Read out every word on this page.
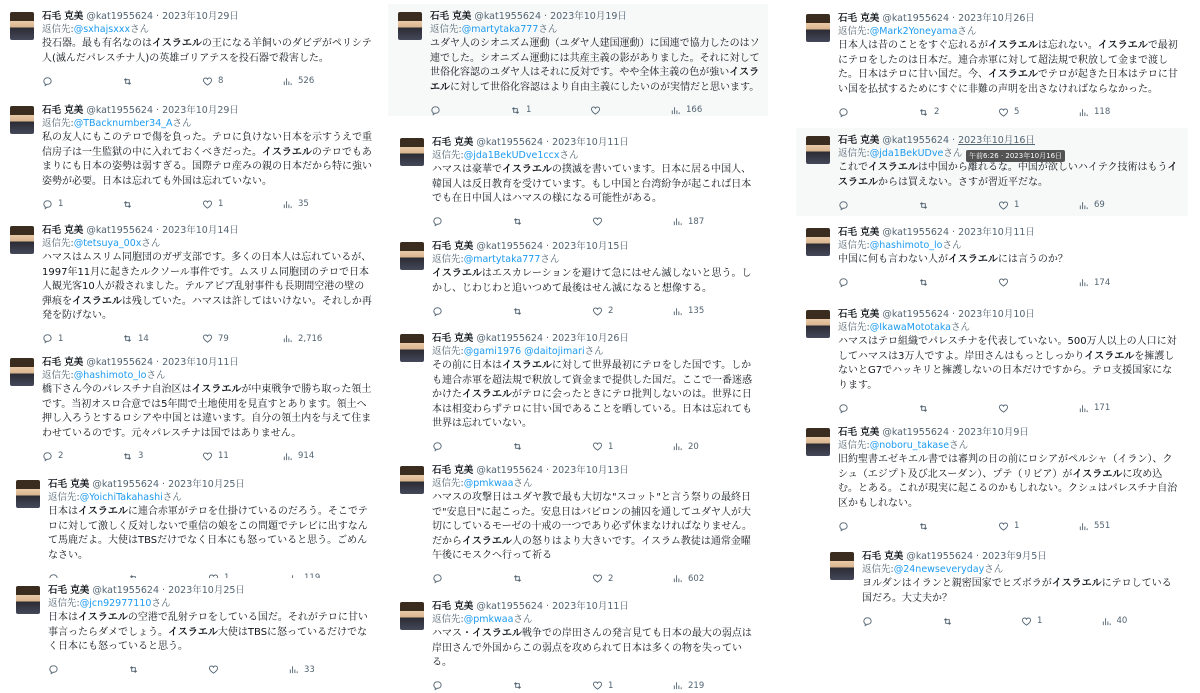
石毛 克美 @kat1955624 · 2023年10月29日
返信先:@sxhajsxxxさん
投石器。最も有名なのはイスラエルの王になる羊飼いのダビデがペリシテ人(滅んだパレスチナ人)の英雄ゴリアテスを投石器で殺害した。
8	526
石毛 克美 @kat1955624 · 2023年10月29日
返信先:@TBacknumber34_Aさん
私の友人にもこのテロで傷を負った。テロに負けない日本を示すうえで重信房子は一生監獄の中に入れておくべきだった。イスラエルのテロでもあまりにも日本の姿勢は弱すぎる。国際テロ産みの親の日本だから特に強い姿勢が必要。日本は忘れても外国は忘れていない。
1	1	35
石毛 克美 @kat1955624 · 2023年10月14日
返信先:@tetsuya_00xさん
ハマスはムスリム同胞団のガザ支部です。多くの日本人は忘れているが、1997年11月に起きたルクソール事件です。ムスリム同胞団のテロで日本人観光客10人が殺されました。テルアビブ乱射事件も長期間空港の壁の弾痕をイスラエルは残していた。ハマスは許してはいけない。それしか再発を防げない。
1	14	79	2,716
石毛 克美 @kat1955624 · 2023年10月11日
返信先:@hashimoto_loさん
橋下さん今のパレスチナ自治区はイスラエルが中東戦争で勝ち取った領土です。当初オスロ合意では5年間で土地使用を見直すとあります。領土へ押し入ろうとするロシアや中国とは違います。自分の領土内を与えて住まわせているのです。元々パレスチナは国ではありません。
2	3	11	914
石毛 克美 @kat1955624 · 2023年10月25日
返信先:@YoichiTakahashiさん
日本はイスラエルに連合赤軍がテロを仕掛けているのだろう。そこでテロに対して激しく反対しないで重信の娘をこの問題でテレビに出すなんて馬鹿だよ。大使はTBSだけでなく日本にも怒っていると思う。ごめんなさい。
石毛 克美 @kat1955624 · 2023年10月25日
返信先:@jcn92977110さん
日本はイスラエルの空港で乱射テロをしている国だ。それがテロに甘い事言ったらダメでしょう。イスラエル大使はTBSに怒っているだけでなく日本にも怒っていると思う。
33
石毛 克美 @kat1955624 · 2023年10月19日
返信先:@martytaka777さん
ユダヤ人のシオニズム運動（ユダヤ人建国運動）に国連で協力したのはソ連でした。シオニズム運動には共産主義の影がありました。それに対して世俗化容認のユダヤ人はそれに反対です。やや全体主義の色が強いイスラエルに対して世俗化容認はより自由主義にしたいのが実情だと思います。
1	166
石毛 克美 @kat1955624 · 2023年10月11日
返信先:@jda1BekUDve1ccxさん
ハマスは豪華でイスラエルの撲滅を書いています。日本に居る中国人、韓国人は反日教育を受けています。もし中国と台湾紛争が起これば日本でも在日中国人はハマスの様になる可能性がある。
187
石毛 克美 @kat1955624 · 2023年10月15日
返信先:@martytaka777さん
イスラエルはエスカレーションを避けて急にはせん滅しないと思う。しかし、じわじわと追いつめて最後はせん滅になると想像する。
2	135
石毛 克美 @kat1955624 · 2023年10月26日
返信先:@gami1976 @daitojimariさん
その前に日本はイスラエルに対して世界最初にテロをした国です。しかも連合赤軍を超法規で釈放して資金まで提供した国だ。ここで一番迷惑かけたイスラエルがテロに会ったときにテロ批判しないのは。世界に日本は相変わらずテロに甘い国であることを晒している。日本は忘れても世界は忘れていない。
1	20
石毛 克美 @kat1955624 · 2023年10月13日
返信先:@pmkwaaさん
ハマスの攻撃日はユダヤ教で最も大切な"スコット"と言う祭りの最終日で"安息日"に起こった。安息日はバビロンの捕囚を通してユダヤ人が大切にしているモーゼの十戒の一つであり必ず休まなければなりません。だからイスラエル人の怒りはより大きいです。イスラム教徒は通常金曜午後にモスクへ行って祈る
2	602
石毛 克美 @kat1955624 · 2023年10月11日
返信先:@pmkwaaさん
ハマス・イスラエル戦争での岸田さんの発言見ても日本の最大の弱点は岸田さんで外国からこの弱点を攻められて日本は多くの物を失っている。
1	219
石毛 克美 @kat1955624 · 2023年10月26日
返信先:@Mark2Yoneyamaさん
日本人は昔のことをすぐ忘れるがイスラエルは忘れない。イスラエルで最初にテロをしたのは日本だ。連合赤軍に対して超法規で釈放して金まで渡した。日本はテロに甘い国だ。今、イスラエルでテロが起きた日本はテロに甘い国を払拭するためにすぐに非難の声明を出さなければならなかった。
2	5	118
石毛 克美 @kat1955624 · 2023年10月16日
返信先:@jda1BekUDveさん
これでイスラエルは中国から離れるな。中国が欲しいハイテク技術はもうイスラエルからは買えない。さすが習近平だな。
1	69
石毛 克美 @kat1955624 · 2023年10月11日
返信先:@hashimoto_loさん
中国に何も言わない人がイスラエルには言うのか？
174
石毛 克美 @kat1955624 · 2023年10月10日
返信先:@IkawaMototakaさん
ハマスはテロ組織でパレスチナを代表していない。500万人以上の人口に対してハマスは3万人ですよ。岸田さんはもっとしっかりイスラエルを擁護しないとG7でハッキリと擁護しないの日本だけですから。テロ支援国家になります。
171
石毛 克美 @kat1955624 · 2023年10月9日
返信先:@noboru_takaseさん
旧約聖書エゼキエル書では審判の日の前にロシアがペルシャ（イラン）、クシュ（エジプト及び北スーダン）、プテ（リビア）がイスラエルに攻め込む。とある。これが現実に起こるのかもしれない。クシュはパレスチナ自治区かもしれない。
1	551
石毛 克美 @kat1955624 · 2023年9月5日
返信先:@24newseverydayさん
ヨルダンはイランと親密国家でヒズボラがイスラエルにテロしている国だろ。大丈夫か？
1	40
午前6:26 · 2023年10月16日
